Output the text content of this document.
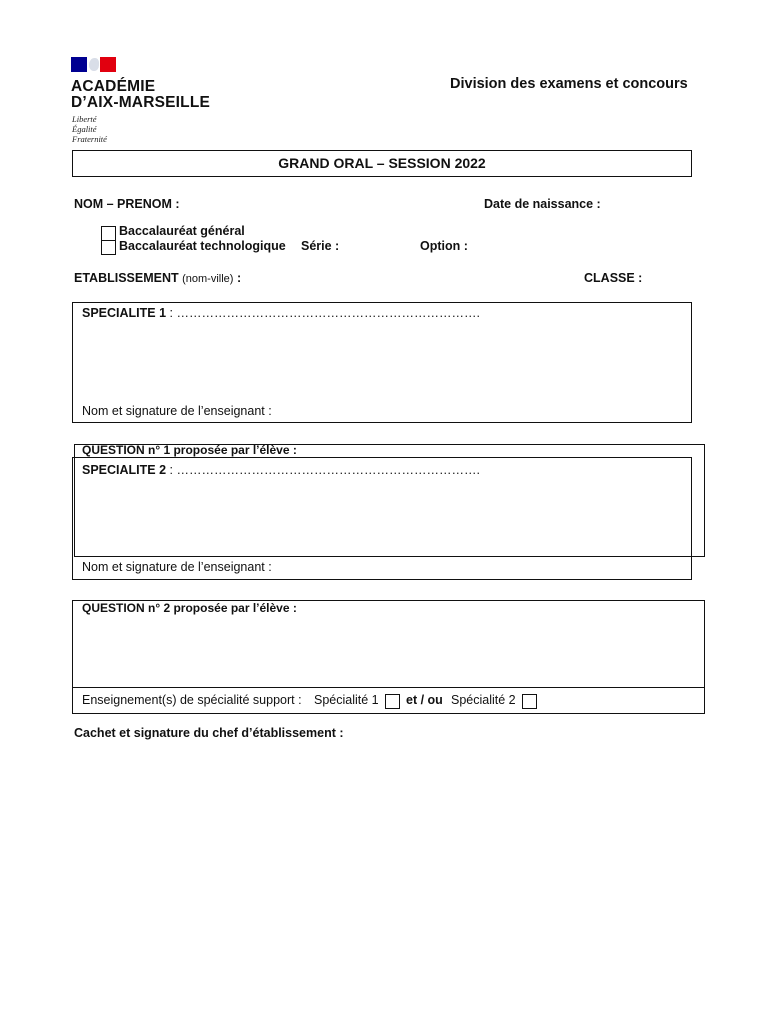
ACADÉMIE
D’AIX-MARSEILLE
Liberté
Égalité
Fraternité
Division des examens et concours
GRAND ORAL – SESSION 2022
NOM – PRENOM :	Date de naissance :
Baccalauréat général
Baccalauréat technologique Série :	Option :
ETABLISSEMENT (nom-ville) :	CLASSE :
SPECIALITE 1 : ……………………………………………………………….
Nom et signature de l’enseignant :
QUESTION n° 1 proposée par l’élève :
SPECIALITE 2 : ……………………………………………………………….
Nom et signature de l’enseignant :
QUESTION n° 2 proposée par l’élève :
Enseignement(s) de spécialité support : Spécialité 1 et / ou Spécialité 2
Cachet et signature du chef d’établissement :
